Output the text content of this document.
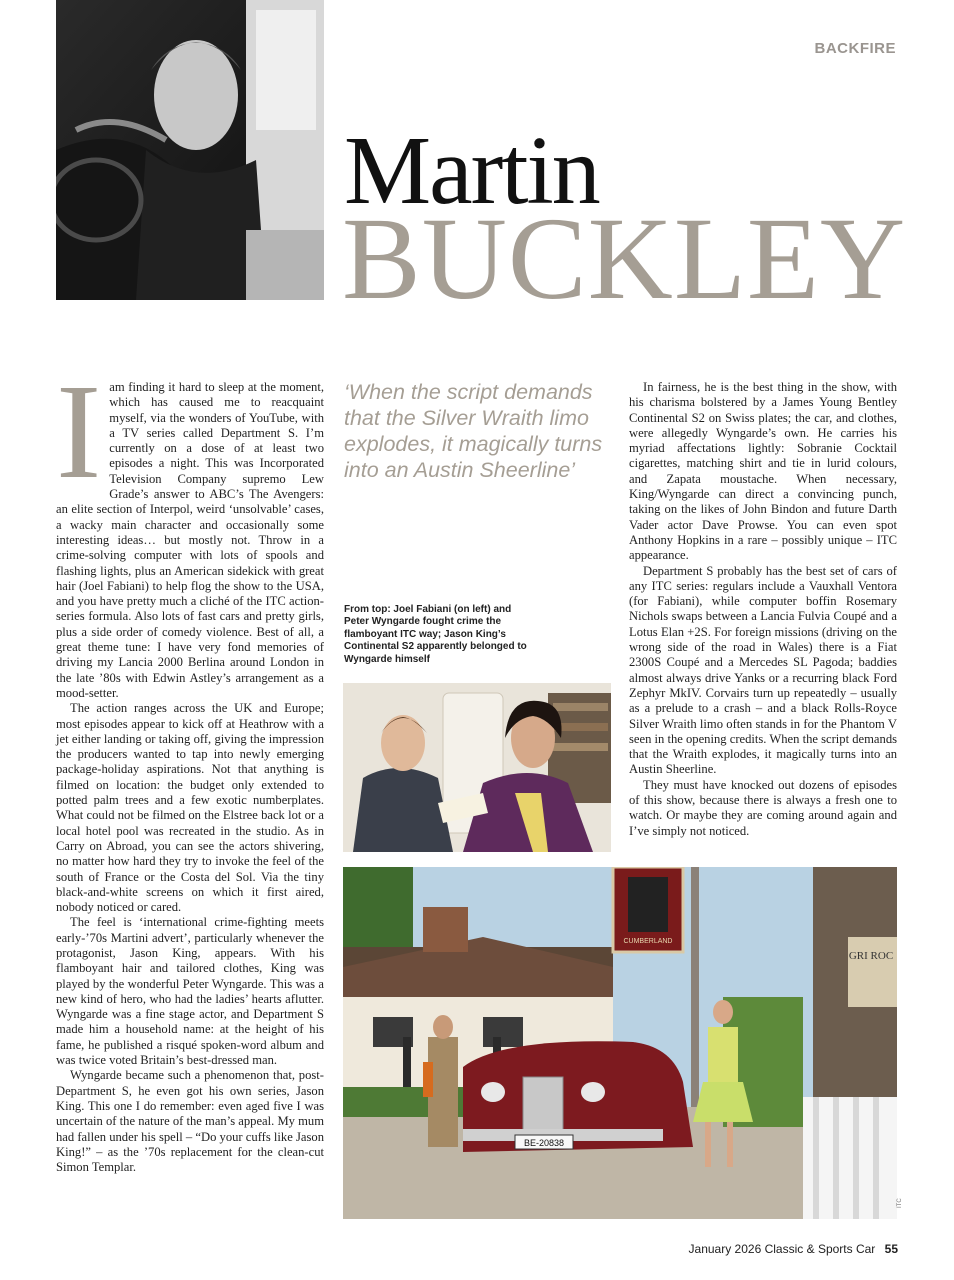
BACKFIRE
Martin
BUCKLEY
I am finding it hard to sleep at the moment, which has caused me to reacquaint myself, via the wonders of YouTube, with a TV series called Department S. I’m currently on a dose of at least two episodes a night. This was Incorporated Television Company supremo Lew Grade’s answer to ABC’s The Avengers: an elite section of Interpol, weird ‘unsolvable’ cases, a wacky main character and occasionally some interesting ideas… but mostly not. Throw in a crime-solving computer with lots of spools and flashing lights, plus an American sidekick with great hair (Joel Fabiani) to help flog the show to the USA, and you have pretty much a cliché of the ITC action-series formula. Also lots of fast cars and pretty girls, plus a side order of comedy violence. Best of all, a great theme tune: I have very fond memories of driving my Lancia 2000 Berlina around London in the late ’80s with Edwin Astley’s arrangement as a mood-setter.

The action ranges across the UK and Europe; most episodes appear to kick off at Heathrow with a jet either landing or taking off, giving the impression the producers wanted to tap into newly emerging package-holiday aspirations. Not that anything is filmed on location: the budget only extended to potted palm trees and a few exotic numberplates. What could not be filmed on the Elstree back lot or a local hotel pool was recreated in the studio. As in Carry on Abroad, you can see the actors shivering, no matter how hard they try to invoke the feel of the south of France or the Costa del Sol. Via the tiny black-and-white screens on which it first aired, nobody noticed or cared.

The feel is ‘international crime-fighting meets early-’70s Martini advert’, particularly whenever the protagonist, Jason King, appears. With his flamboyant hair and tailored clothes, King was played by the wonderful Peter Wyngarde. This was a new kind of hero, who had the ladies’ hearts aflutter. Wyngarde was a fine stage actor, and Department S made him a household name: at the height of his fame, he published a risqué spoken-word album and was twice voted Britain’s best-dressed man.

Wyngarde became such a phenomenon that, post-Department S, he even got his own series, Jason King. This one I do remember: even aged five I was uncertain of the nature of the man’s appeal. My mum had fallen under his spell – “Do your cuffs like Jason King!” – as the ’70s replacement for the clean-cut Simon Templar.

‘When the script demands that the Silver Wraith limo explodes, it magically turns into an Austin Sheerline’
From top: Joel Fabiani (on left) and Peter Wyngarde fought crime the flamboyant ITC way; Jason King’s Continental S2 apparently belonged to Wyngarde himself

In fairness, he is the best thing in the show, with his charisma bolstered by a James Young Bentley Continental S2 on Swiss plates; the car, and clothes, were allegedly Wyngarde’s own. He carries his myriad affectations lightly: Sobranie Cocktail cigarettes, matching shirt and tie in lurid colours, and Zapata moustache. When necessary, King/Wyngarde can direct a convincing punch, taking on the likes of John Bindon and future Darth Vader actor Dave Prowse. You can even spot Anthony Hopkins in a rare – possibly unique – ITC appearance.

Department S probably has the best set of cars of any ITC series: regulars include a Vauxhall Ventora (for Fabiani), while computer boffin Rosemary Nichols swaps between a Lancia Fulvia Coupé and a Lotus Elan +2S. For foreign missions (driving on the wrong side of the road in Wales) there is a Fiat 2300S Coupé and a Mercedes SL Pagoda; baddies almost always drive Yanks or a recurring black Ford Zephyr MkIV. Corvairs turn up repeatedly – usually as a prelude to a crash – and a black Rolls-Royce Silver Wraith limo often stands in for the Phantom V seen in the opening credits. When the script demands that the Wraith explodes, it magically turns into an Austin Sheerline.

They must have knocked out dozens of episodes of this show, because there is always a fresh one to watch. Or maybe they are coming around again and I’ve simply not noticed.

CUMBERLAND
GRI ROC
BE-20838
ITC
January 2026 Classic & Sports Car 55
